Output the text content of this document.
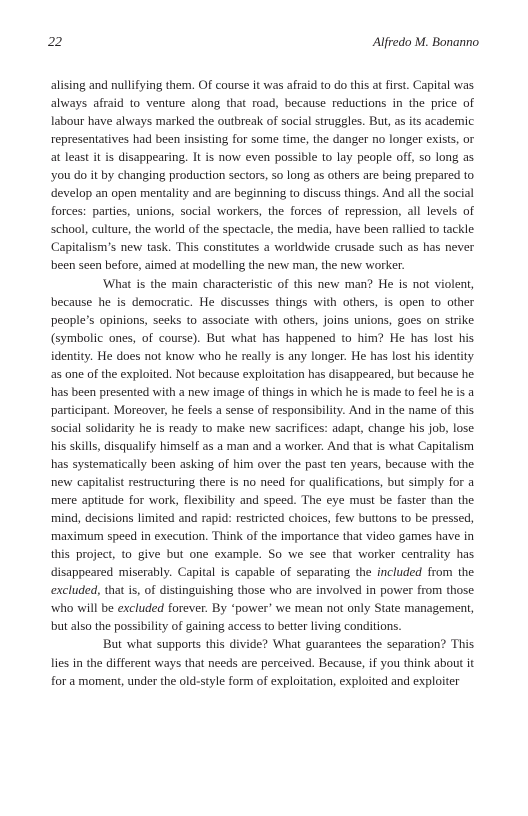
22	Alfredo M. Bonanno

alising and nullifying them. Of course it was afraid to do this at first. Capital was always afraid to venture along that road, because reductions in the price of labour have always marked the outbreak of social struggles. But, as its academic representatives had been insisting for some time, the danger no longer exists, or at least it is disappearing. It is now even possible to lay people off, so long as you do it by changing production sectors, so long as others are being prepared to develop an open mentality and are beginning to discuss things. And all the social forces: parties, unions, social workers, the forces of repression, all levels of school, culture, the world of the spectacle, the media, have been rallied to tackle Capitalism’s new task. This constitutes a worldwide crusade such as has never been seen before, aimed at modelling the new man, the new worker.

What is the main characteristic of this new man? He is not violent, because he is democratic. He discusses things with others, is open to other people’s opinions, seeks to associate with others, joins unions, goes on strike (symbolic ones, of course). But what has happened to him? He has lost his identity. He does not know who he really is any longer. He has lost his identity as one of the exploited. Not because exploitation has disappeared, but because he has been presented with a new image of things in which he is made to feel he is a participant. Moreover, he feels a sense of responsibility. And in the name of this social solidarity he is ready to make new sacrifices: adapt, change his job, lose his skills, disqualify himself as a man and a worker. And that is what Capitalism has systematically been asking of him over the past ten years, because with the new capitalist restructuring there is no need for qualifications, but simply for a mere aptitude for work, flexibility and speed. The eye must be faster than the mind, decisions limited and rapid: restricted choices, few buttons to be pressed, maximum speed in execution. Think of the importance that video games have in this project, to give but one example. So we see that worker centrality has disappeared miserably. Capital is capable of separating the included from the excluded, that is, of distinguishing those who are involved in power from those who will be excluded forever. By ‘power’ we mean not only State management, but also the possibility of gaining access to better living conditions.

But what supports this divide? What guarantees the separation? This lies in the different ways that needs are perceived. Because, if you think about it for a moment, under the old-style form of exploitation, exploited and exploiter
